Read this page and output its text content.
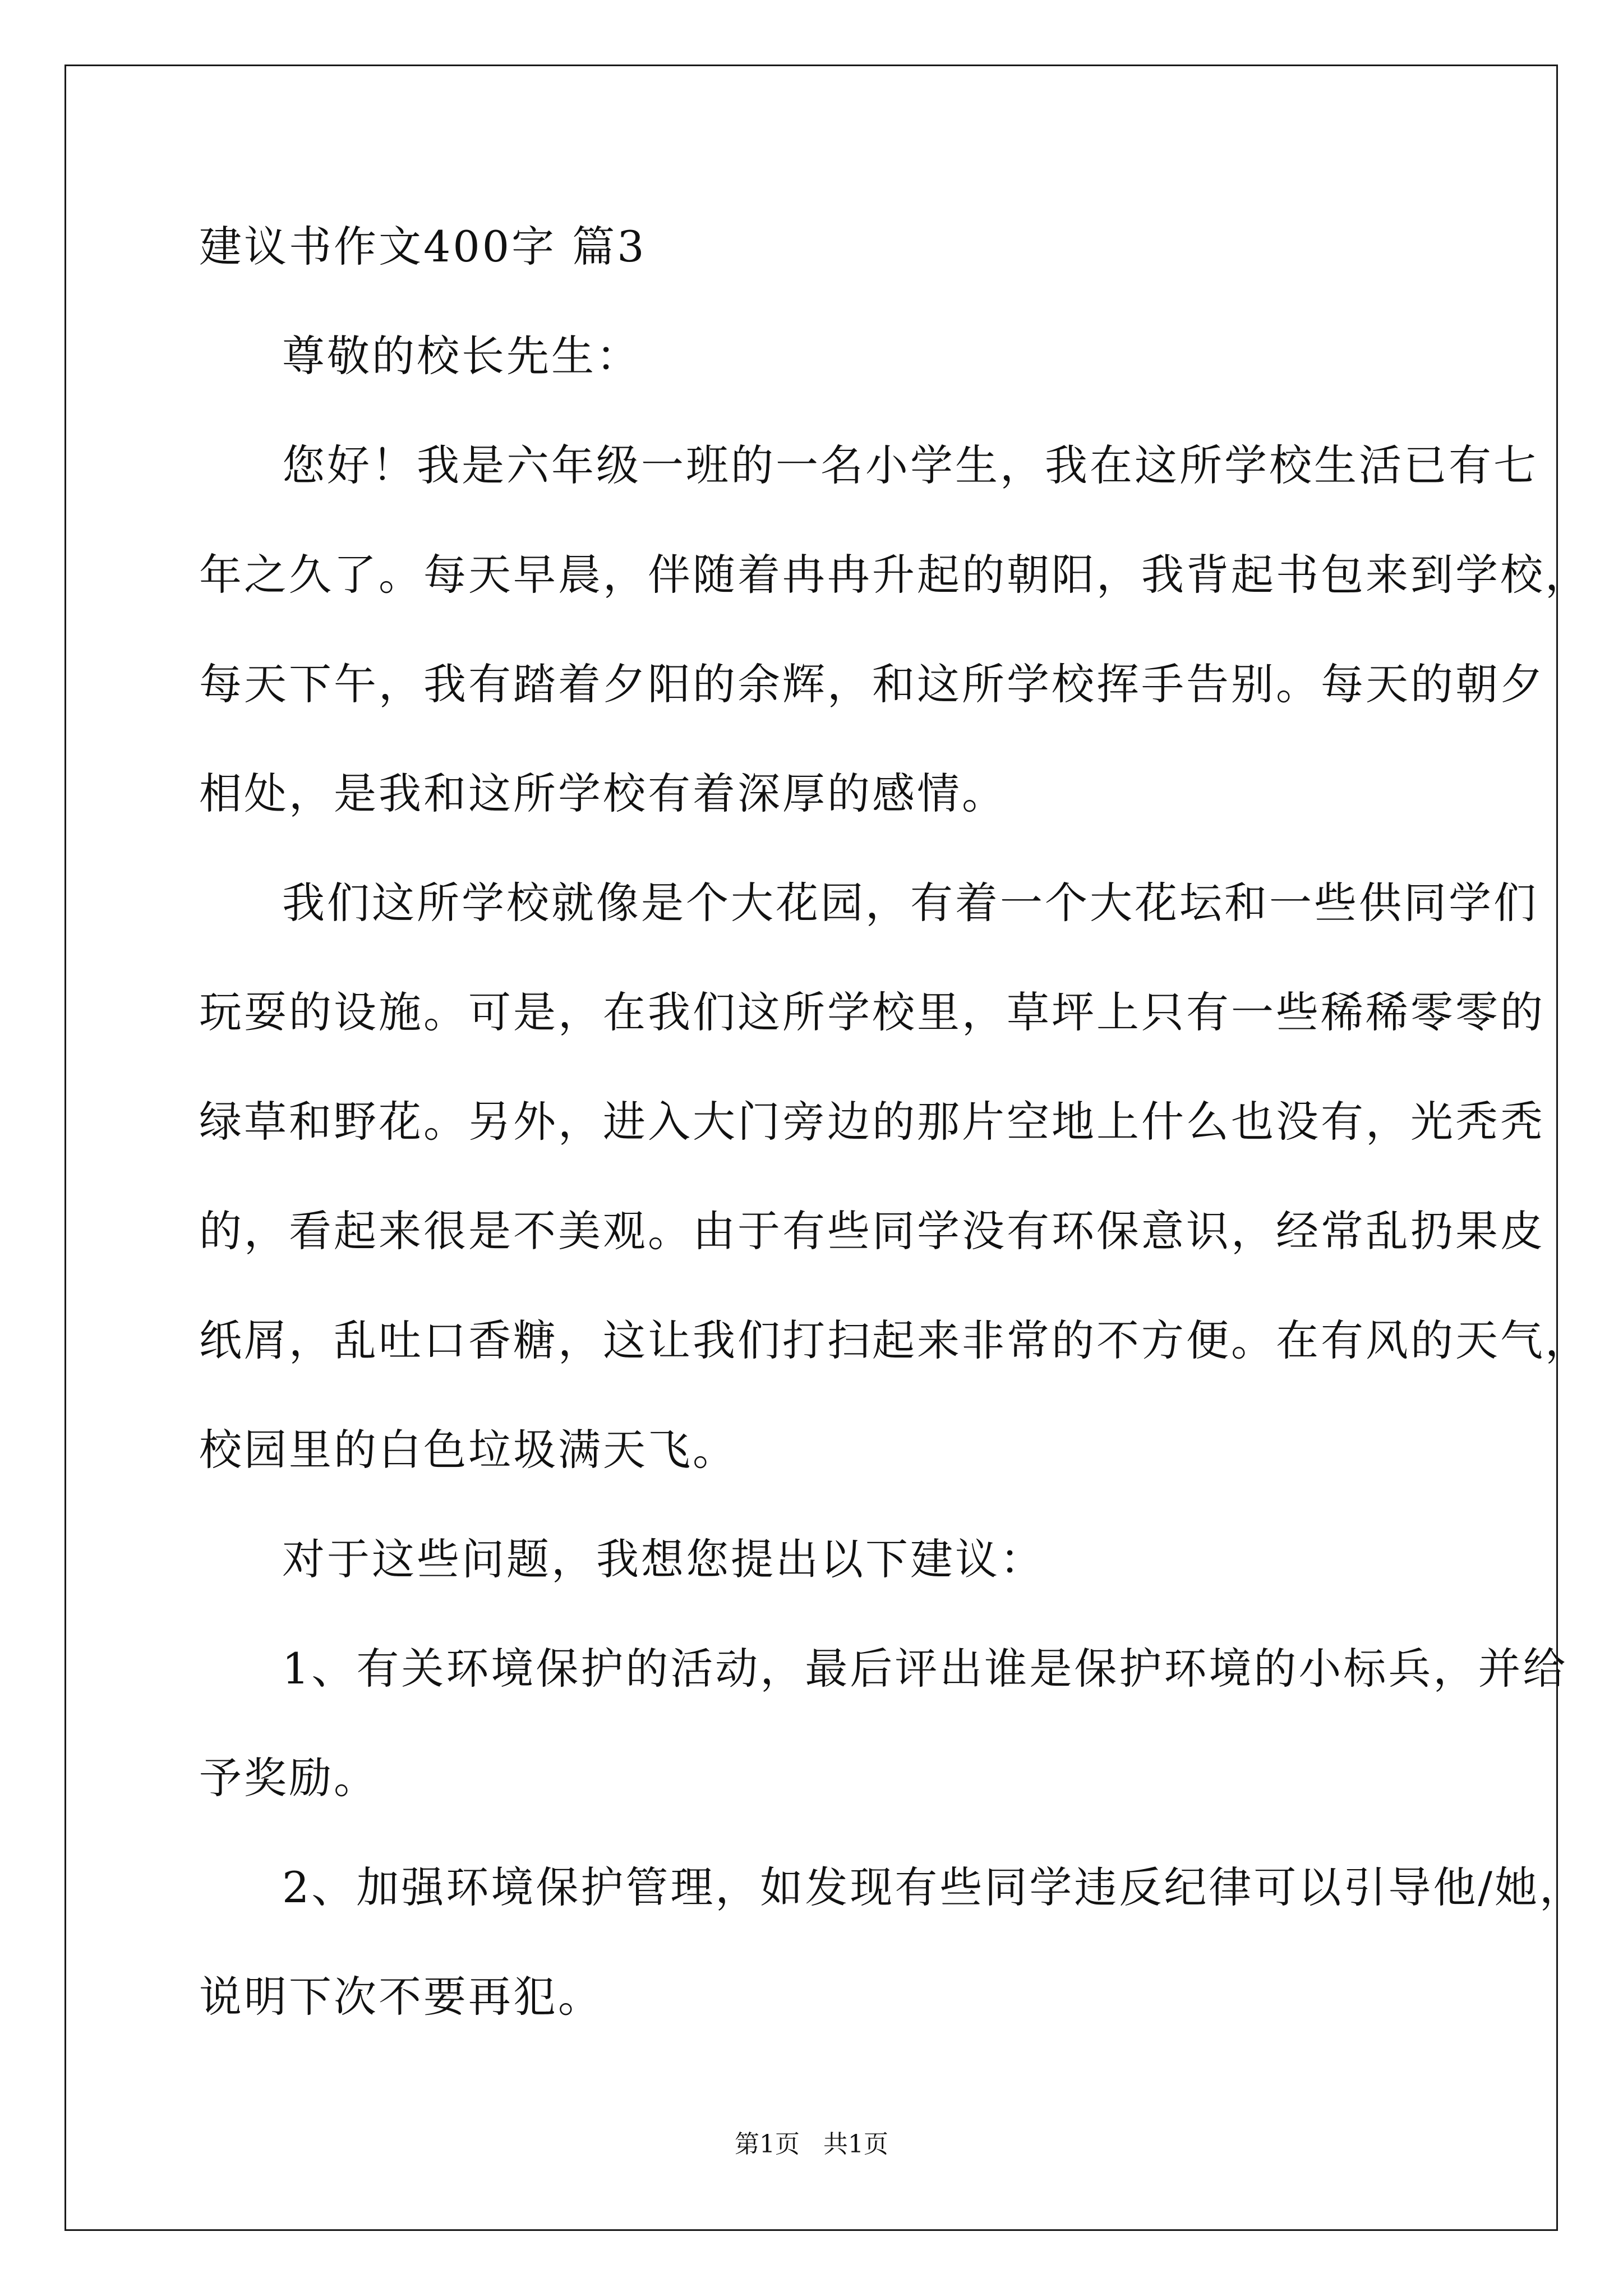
建议书作文400字 篇3
尊敬的校长先生：
您好！我是六年级一班的一名小学生，我在这所学校生活已有七
年之久了。每天早晨，伴随着冉冉升起的朝阳，我背起书包来到学校，
每天下午，我有踏着夕阳的余辉，和这所学校挥手告别。每天的朝夕
相处，是我和这所学校有着深厚的感情。
我们这所学校就像是个大花园，有着一个大花坛和一些供同学们
玩耍的设施。可是，在我们这所学校里，草坪上只有一些稀稀零零的
绿草和野花。另外，进入大门旁边的那片空地上什么也没有，光秃秃
的，看起来很是不美观。由于有些同学没有环保意识，经常乱扔果皮
纸屑，乱吐口香糖，这让我们打扫起来非常的不方便。在有风的天气，
校园里的白色垃圾满天飞。
对于这些问题，我想您提出以下建议：
1、有关环境保护的活动，最后评出谁是保护环境的小标兵，并给
予奖励。
2、加强环境保护管理，如发现有些同学违反纪律可以引导他/她，
说明下次不要再犯。
第1页   共1页
